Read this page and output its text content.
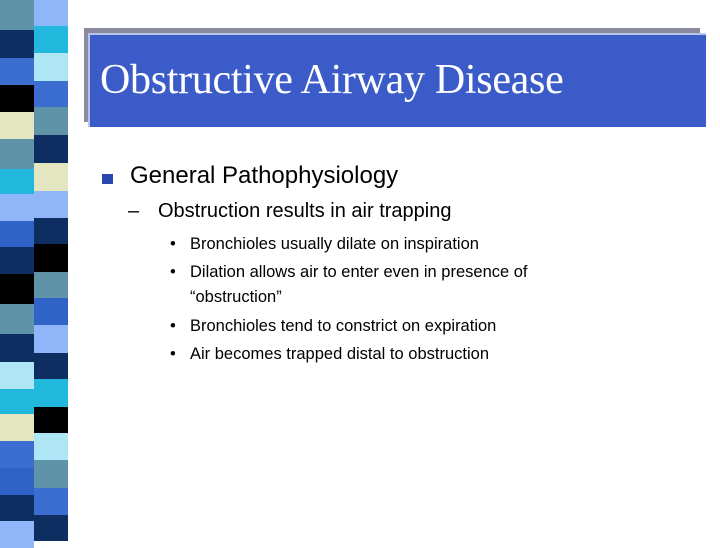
Obstructive Airway Disease
General Pathophysiology
– Obstruction results in air trapping
• Bronchioles usually dilate on inspiration
• Dilation allows air to enter even in presence of
“obstruction”
• Bronchioles tend to constrict on expiration
• Air becomes trapped distal to obstruction
